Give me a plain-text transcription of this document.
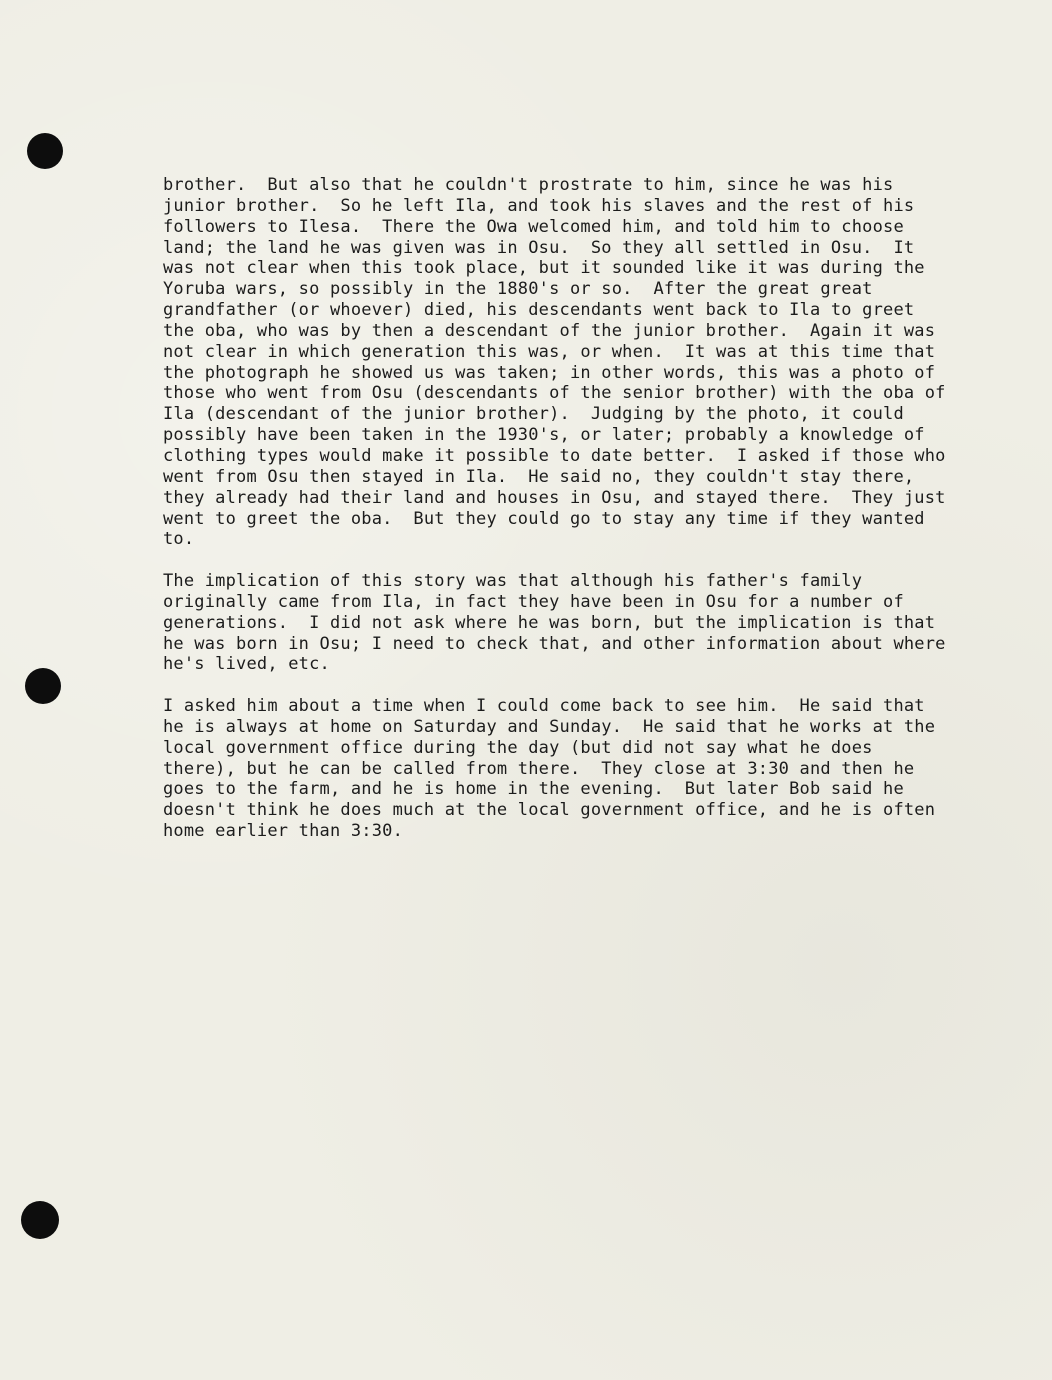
brother.  But also that he couldn't prostrate to him, since he was his
junior brother.  So he left Ila, and took his slaves and the rest of his
followers to Ilesa.  There the Owa welcomed him, and told him to choose
land; the land he was given was in Osu.  So they all settled in Osu.  It
was not clear when this took place, but it sounded like it was during the
Yoruba wars, so possibly in the 1880's or so.  After the great great
grandfather (or whoever) died, his descendants went back to Ila to greet
the oba, who was by then a descendant of the junior brother.  Again it was
not clear in which generation this was, or when.  It was at this time that
the photograph he showed us was taken; in other words, this was a photo of
those who went from Osu (descendants of the senior brother) with the oba of
Ila (descendant of the junior brother).  Judging by the photo, it could
possibly have been taken in the 1930's, or later; probably a knowledge of
clothing types would make it possible to date better.  I asked if those who
went from Osu then stayed in Ila.  He said no, they couldn't stay there,
they already had their land and houses in Osu, and stayed there.  They just
went to greet the oba.  But they could go to stay any time if they wanted
to.
The implication of this story was that although his father's family
originally came from Ila, in fact they have been in Osu for a number of
generations.  I did not ask where he was born, but the implication is that
he was born in Osu; I need to check that, and other information about where
he's lived, etc.
I asked him about a time when I could come back to see him.  He said that
he is always at home on Saturday and Sunday.  He said that he works at the
local government office during the day (but did not say what he does
there), but he can be called from there.  They close at 3:30 and then he
goes to the farm, and he is home in the evening.  But later Bob said he
doesn't think he does much at the local government office, and he is often
home earlier than 3:30.
